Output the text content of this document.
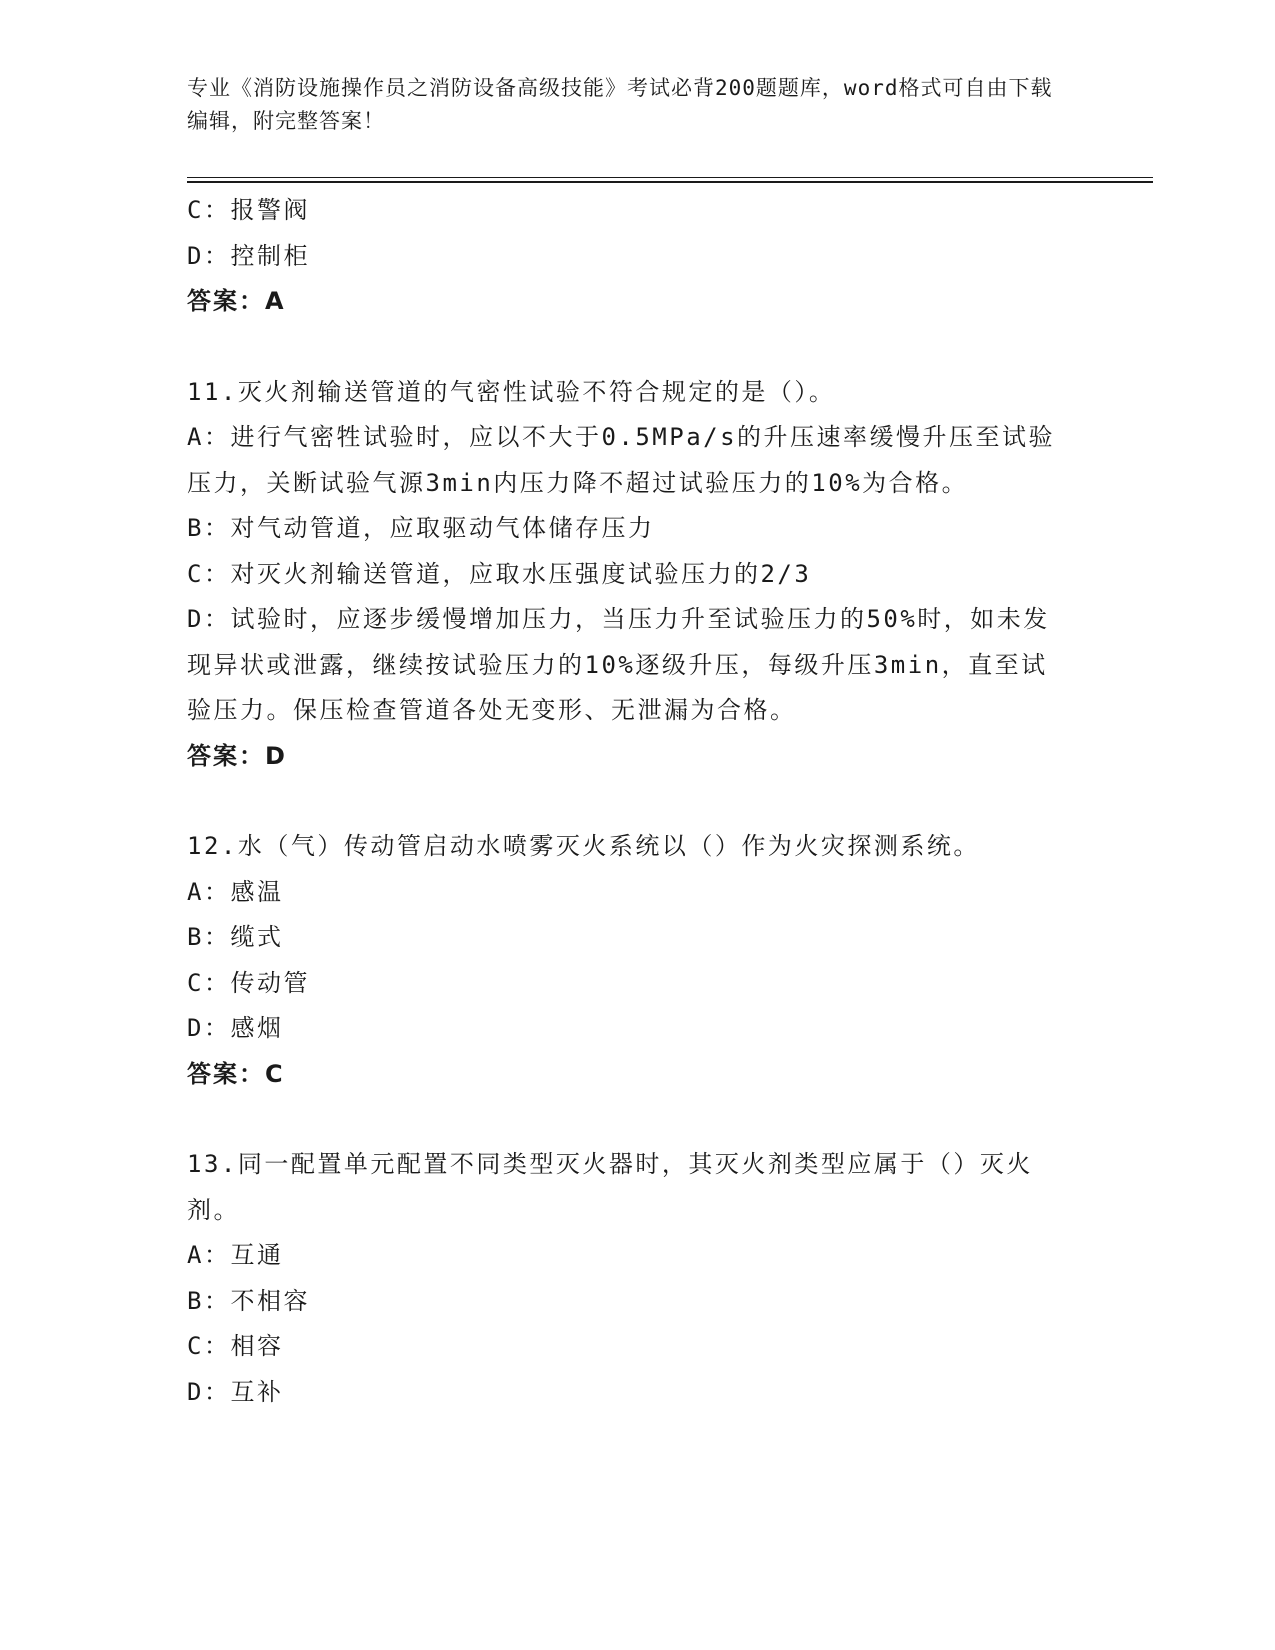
专业《消防设施操作员之消防设备高级技能》考试必背200题题库，word格式可自由下载编辑，附完整答案！
C：报警阀
D：控制柜
答案：A
11.灭火剂输送管道的气密性试验不符合规定的是（）。
A：进行气密牲试验时，应以不大于0.5MPa/s的升压速率缓慢升压至试验压力，关断试验气源3min内压力降不超过试验压力的10%为合格。
B：对气动管道，应取驱动气体储存压力
C：对灭火剂输送管道，应取水压强度试验压力的2/3
D：试验时，应逐步缓慢增加压力，当压力升至试验压力的50%时，如未发现异状或泄露，继续按试验压力的10%逐级升压，每级升压3min，直至试验压力。保压检查管道各处无变形、无泄漏为合格。
答案：D
12.水（气）传动管启动水喷雾灭火系统以（）作为火灾探测系统。
A：感温
B：缆式
C：传动管
D：感烟
答案：C
13.同一配置单元配置不同类型灭火器时，其灭火剂类型应属于（）灭火剂。
A：互通
B：不相容
C：相容
D：互补
